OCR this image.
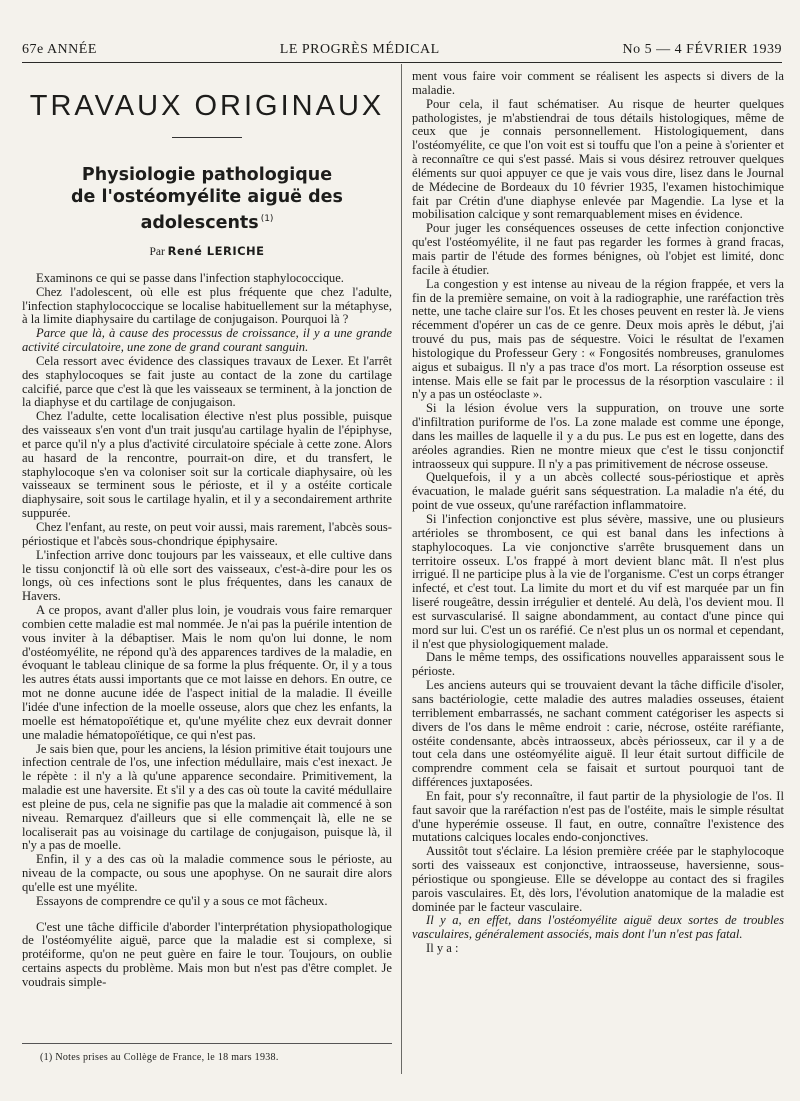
67e ANNÉE	LE PROGRÈS MÉDICAL	No 5 — 4 FÉVRIER 1939
TRAVAUX ORIGINAUX
Physiologie pathologique
de l'ostéomyélite aiguë des adolescents $^{(1)}$
Par René LERICHE

Examinons ce qui se passe dans l'infection staphylococcique.

Chez l'adolescent, où elle est plus fréquente que chez l'adulte, l'infection staphylococcique se localise habituellement sur la métaphyse, à la limite diaphysaire du cartilage de conjugaison. Pourquoi là ?

Parce que là, à cause des processus de croissance, il y a une grande activité circulatoire, une zone de grand courant sanguin.

Cela ressort avec évidence des classiques travaux de Lexer. Et l'arrêt des staphylocoques se fait juste au contact de la zone du cartilage calcifié, parce que c'est là que les vaisseaux se terminent, à la jonction de la diaphyse et du cartilage de conjugaison.

Chez l'adulte, cette localisation élective n'est plus possible, puisque des vaisseaux s'en vont d'un trait jusqu'au cartilage hyalin de l'épiphyse, et parce qu'il n'y a plus d'activité circulatoire spéciale à cette zone. Alors au hasard de la rencontre, pourrait-on dire, et du transfert, le staphylocoque s'en va coloniser soit sur la corticale diaphysaire, où les vaisseaux se terminent sous le périoste, et il y a ostéite corticale diaphysaire, soit sous le cartilage hyalin, et il y a secondairement arthrite suppurée.

Chez l'enfant, au reste, on peut voir aussi, mais rarement, l'abcès sous-périostique et l'abcès sous-chondrique épiphysaire.

L'infection arrive donc toujours par les vaisseaux, et elle cultive dans le tissu conjonctif là où elle sort des vaisseaux, c'est-à-dire pour les os longs, où ces infections sont le plus fréquentes, dans les canaux de Havers.

A ce propos, avant d'aller plus loin, je voudrais vous faire remarquer combien cette maladie est mal nommée. Je n'ai pas la puérile intention de vous inviter à la débaptiser. Mais le nom qu'on lui donne, le nom d'ostéomyélite, ne répond qu'à des apparences tardives de la maladie, en évoquant le tableau clinique de sa forme la plus fréquente. Or, il y a tous les autres états aussi importants que ce mot laisse en dehors. En outre, ce mot ne donne aucune idée de l'aspect initial de la maladie. Il éveille l'idée d'une infection de la moelle osseuse, alors que chez les enfants, la moelle est hématopoïétique et, qu'une myélite chez eux devrait donner une maladie hématopoïétique, ce qui n'est pas.

Je sais bien que, pour les anciens, la lésion primitive était toujours une infection centrale de l'os, une infection médullaire, mais c'est inexact. Je le répète : il n'y a là qu'une apparence secondaire. Primitivement, la maladie est une haversite. Et s'il y a des cas où toute la cavité médullaire est pleine de pus, cela ne signifie pas que la maladie ait commencé à son niveau. Remarquez d'ailleurs que si elle commençait là, elle ne se localiserait pas au voisinage du cartilage de conjugaison, puisque là, il n'y a pas de moelle.

Enfin, il y a des cas où la maladie commence sous le périoste, au niveau de la compacte, ou sous une apophyse. On ne saurait dire alors qu'elle est une myélite.

Essayons de comprendre ce qu'il y a sous ce mot fâcheux.

C'est une tâche difficile d'aborder l'interprétation physiopathologique de l'ostéomyélite aiguë, parce que la maladie est si complexe, si protéiforme, qu'on ne peut guère en faire le tour. Toujours, on oublie certains aspects du problème. Mais mon but n'est pas d'être complet. Je voudrais simple-

ment vous faire voir comment se réalisent les aspects si divers de la maladie.

Pour cela, il faut schématiser. Au risque de heurter quelques pathologistes, je m'abstiendrai de tous détails histologiques, même de ceux que je connais personnellement. Histologiquement, dans l'ostéomyélite, ce que l'on voit est si touffu que l'on a peine à s'orienter et à reconnaître ce qui s'est passé. Mais si vous désirez retrouver quelques éléments sur quoi appuyer ce que je vais vous dire, lisez dans le Journal de Médecine de Bordeaux du 10 février 1935, l'examen histochimique fait par Crétin d'une diaphyse enlevée par Magendie. La lyse et la mobilisation calcique y sont remarquablement mises en évidence.

Pour juger les conséquences osseuses de cette infection conjonctive qu'est l'ostéomyélite, il ne faut pas regarder les formes à grand fracas, mais partir de l'étude des formes bénignes, où l'objet est limité, donc facile à étudier.

La congestion y est intense au niveau de la région frappée, et vers la fin de la première semaine, on voit à la radiographie, une raréfaction très nette, une tache claire sur l'os. Et les choses peuvent en rester là. Je viens récemment d'opérer un cas de ce genre. Deux mois après le début, j'ai trouvé du pus, mais pas de séquestre. Voici le résultat de l'examen histologique du Professeur Gery : « Fongosités nombreuses, granulomes aigus et subaigus. Il n'y a pas trace d'os mort. La résorption osseuse est intense. Mais elle se fait par le processus de la résorption vasculaire : il n'y a pas un ostéoclaste ».

Si la lésion évolue vers la suppuration, on trouve une sorte d'infiltration puriforme de l'os. La zone malade est comme une éponge, dans les mailles de laquelle il y a du pus. Le pus est en logette, dans des aréoles agrandies. Rien ne montre mieux que c'est le tissu conjonctif intraosseux qui suppure. Il n'y a pas primitivement de nécrose osseuse.

Quelquefois, il y a un abcès collecté sous-périostique et après évacuation, le malade guérit sans séquestration. La maladie n'a été, du point de vue osseux, qu'une raréfaction inflammatoire.

Si l'infection conjonctive est plus sévère, massive, une ou plusieurs artérioles se thrombosent, ce qui est banal dans les infections à staphylocoques. La vie conjonctive s'arrête brusquement dans un territoire osseux. L'os frappé à mort devient blanc mât. Il n'est plus irrigué. Il ne participe plus à la vie de l'organisme. C'est un corps étranger infecté, et c'est tout. La limite du mort et du vif est marquée par un fin liseré rougeâtre, dessin irrégulier et dentelé. Au delà, l'os devient mou. Il est survascularisé. Il saigne abondamment, au contact d'une pince qui mord sur lui. C'est un os raréfié. Ce n'est plus un os normal et cependant, il n'est que physiologiquement malade.

Dans le même temps, des ossifications nouvelles apparaissent sous le périoste.

Les anciens auteurs qui se trouvaient devant la tâche difficile d'isoler, sans bactériologie, cette maladie des autres maladies osseuses, étaient terriblement embarrassés, ne sachant comment catégoriser les aspects si divers de l'os dans le même endroit : carie, nécrose, ostéite raréfiante, ostéite condensante, abcès intraosseux, abcès périosseux, car il y a de tout cela dans une ostéomyélite aiguë. Il leur était surtout difficile de comprendre comment cela se faisait et surtout pourquoi tant de différences juxtaposées.

En fait, pour s'y reconnaître, il faut partir de la physiologie de l'os. Il faut savoir que la raréfaction n'est pas de l'ostéite, mais le simple résultat d'une hyperémie osseuse. Il faut, en outre, connaître l'existence des mutations calciques locales endo-conjonctives.

Aussitôt tout s'éclaire. La lésion première créée par le staphylocoque sorti des vaisseaux est conjonctive, intraosseuse, haversienne, sous-périostique ou spongieuse. Elle se développe au contact des si fragiles parois vasculaires. Et, dès lors, l'évolution anatomique de la maladie est dominée par le facteur vasculaire.

Il y a, en effet, dans l'ostéomyélite aiguë deux sortes de troubles vasculaires, généralement associés, mais dont l'un n'est pas fatal.

Il y a :

(1) Notes prises au Collège de France, le 18 mars 1938.
